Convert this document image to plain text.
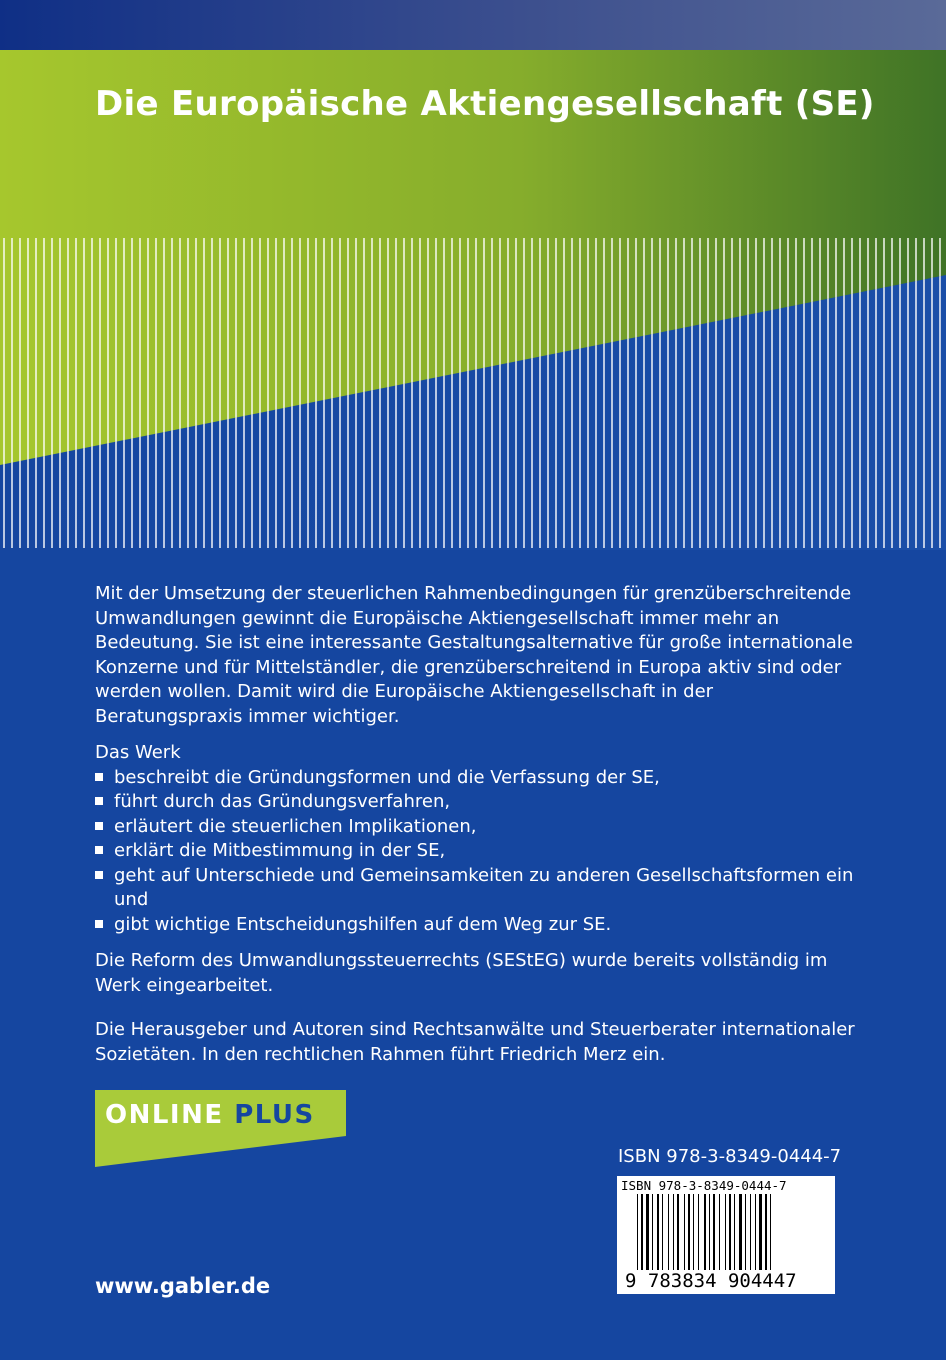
Die Europäische Aktiengesellschaft (SE)

Mit der Umsetzung der steuerlichen Rahmenbedingungen für grenzüberschreitende Umwandlungen gewinnt die Europäische Aktiengesellschaft immer mehr an Bedeutung. Sie ist eine interessante Gestaltungsalternative für große internationale Konzerne und für Mittelständler, die grenzüberschreitend in Europa aktiv sind oder werden wollen. Damit wird die Europäische Aktiengesellschaft in der Beratungspraxis immer wichtiger.

Das Werk

beschreibt die Gründungsformen und die Verfassung der SE,
führt durch das Gründungsverfahren,
erläutert die steuerlichen Implikationen,
erklärt die Mitbestimmung in der SE,
geht auf Unterschiede und Gemeinsamkeiten zu anderen Gesellschaftsformen ein und
gibt wichtige Entscheidungshilfen auf dem Weg zur SE.

Die Reform des Umwandlungssteuerrechts (SEStEG) wurde bereits vollständig im Werk eingearbeitet.

Die Herausgeber und Autoren sind Rechtsanwälte und Steuerberater internationaler Sozietäten. In den rechtlichen Rahmen führt Friedrich Merz ein.

ONLINE PLUS
ISBN 978-3-8349-0444-7
ISBN 978-3-8349-0444-7
9 783834 904447
www.gabler.de
